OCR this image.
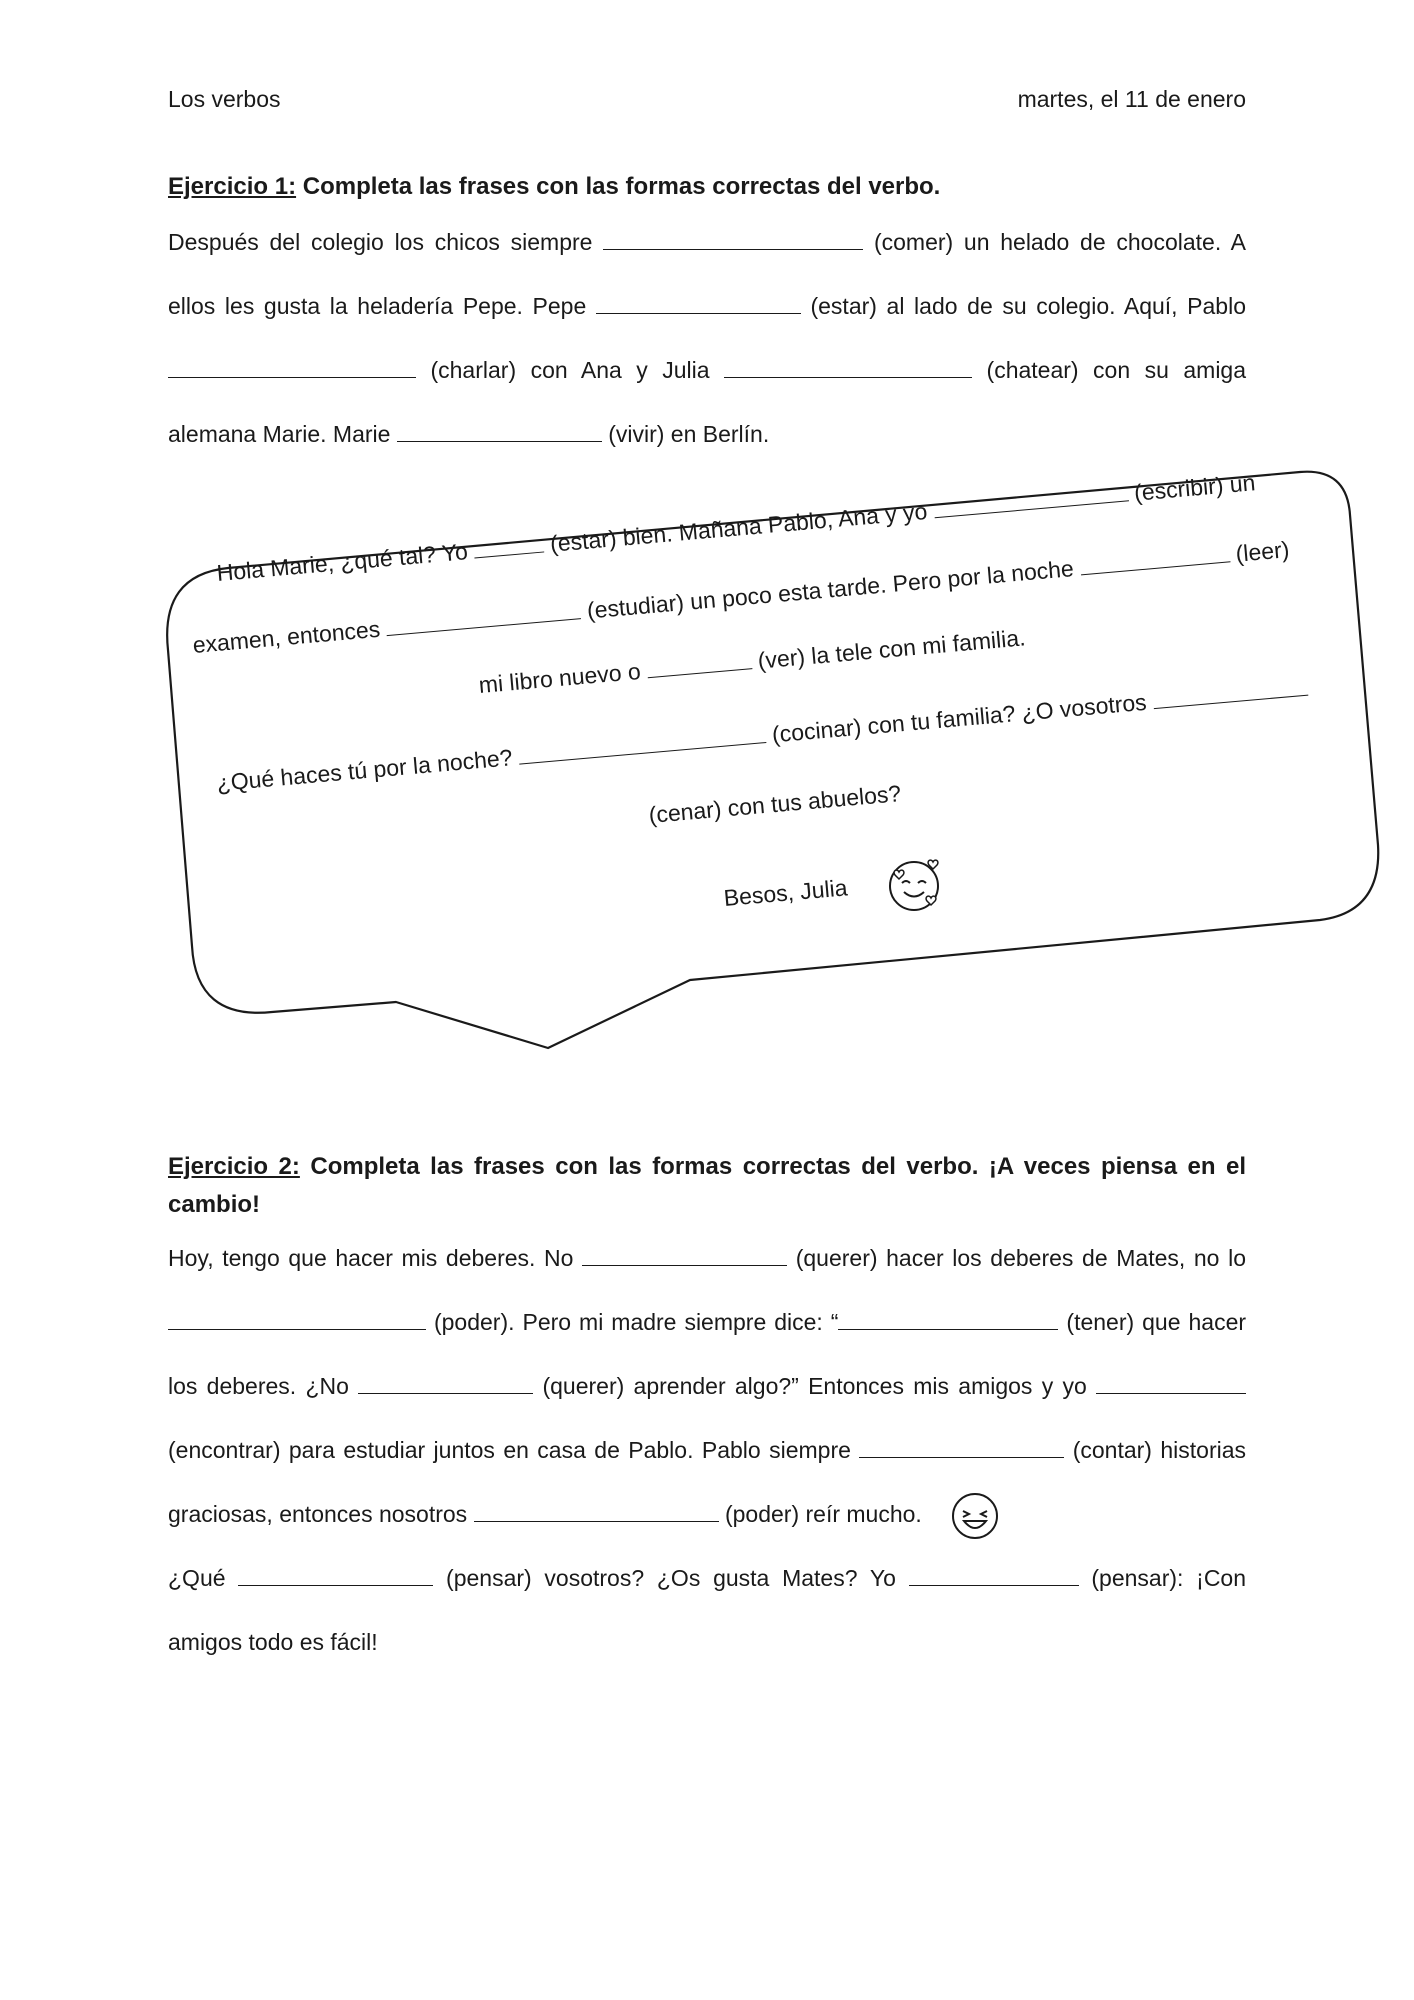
Los verbos	martes, el 11 de enero
Ejercicio 1: Completa las frases con las formas correctas del verbo.
Después del colegio los chicos siempre	(comer) un helado de chocolate. A ellos les gusta la heladería Pepe. Pepe	(estar) al lado de su colegio. Aquí, Pablo  (charlar) con Ana y Julia	(chatear) con su amiga alemana Marie. Marie	(vivir) en Berlín.
Hola Marie, ¿qué tal? Yo  (estar) bien. Mañana Pablo, Ana y yo  (escribir) un
examen, entonces  (estudiar) un poco esta tarde. Pero por la noche  (leer)
mi libro nuevo o  (ver) la tele con mi familia.
¿Qué haces tú por la noche?  (cocinar) con tu familia? ¿O vosotros
(cenar) con tus abuelos?
Besos, Julia
Ejercicio 2: Completa las frases con las formas correctas del verbo. ¡A veces piensa en el cambio!
Hoy, tengo que hacer mis deberes. No	(querer) hacer los deberes de Mates, no lo  (poder). Pero mi madre siempre dice: “	(tener) que hacer los deberes. ¿No	(querer) aprender algo?” Entonces mis amigos y yo  (encontrar) para estudiar juntos en casa de Pablo. Pablo siempre	(contar) historias graciosas, entonces nosotros	(poder) reír mucho.
¿Qué	(pensar) vosotros? ¿Os gusta Mates? Yo	(pensar): ¡Con amigos todo es fácil!
